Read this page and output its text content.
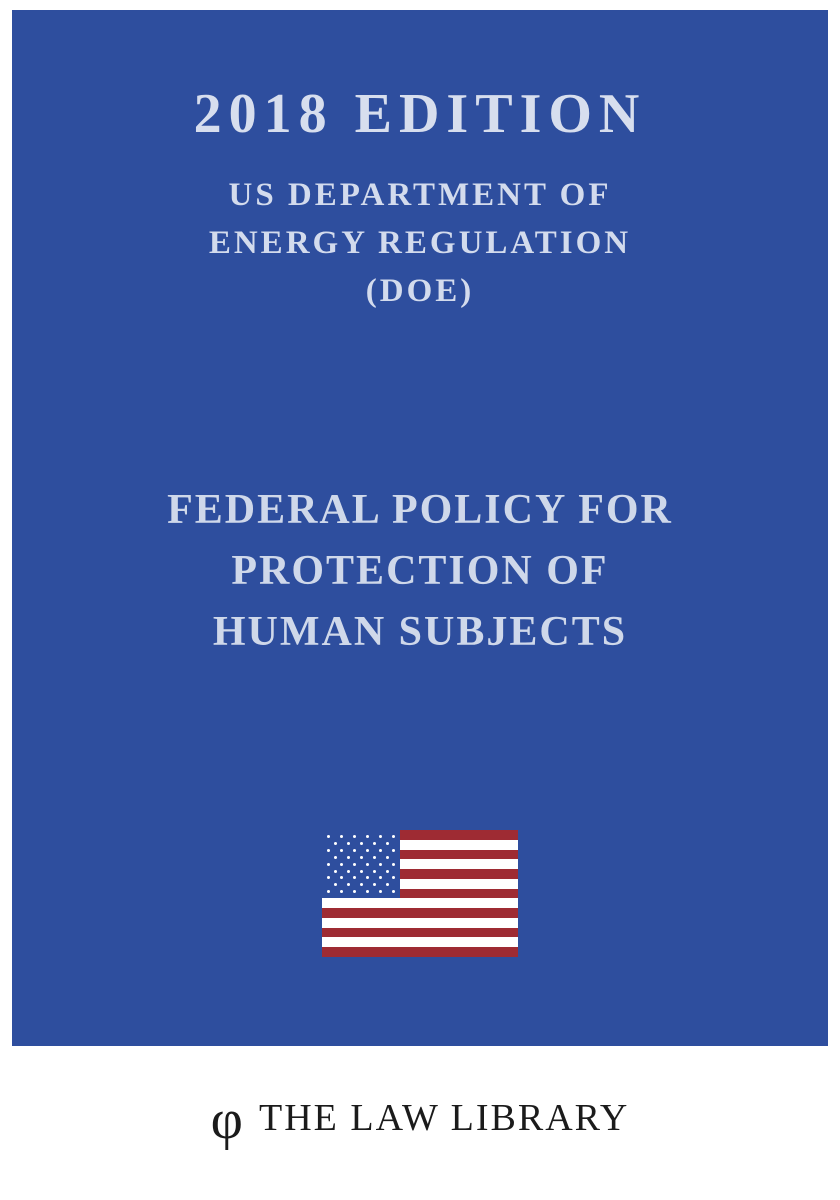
2018 EDITION
US DEPARTMENT OF
ENERGY REGULATION
(DOE)
FEDERAL POLICY FOR
PROTECTION OF
HUMAN SUBJECTS
φ THE LAW LIBRARY
